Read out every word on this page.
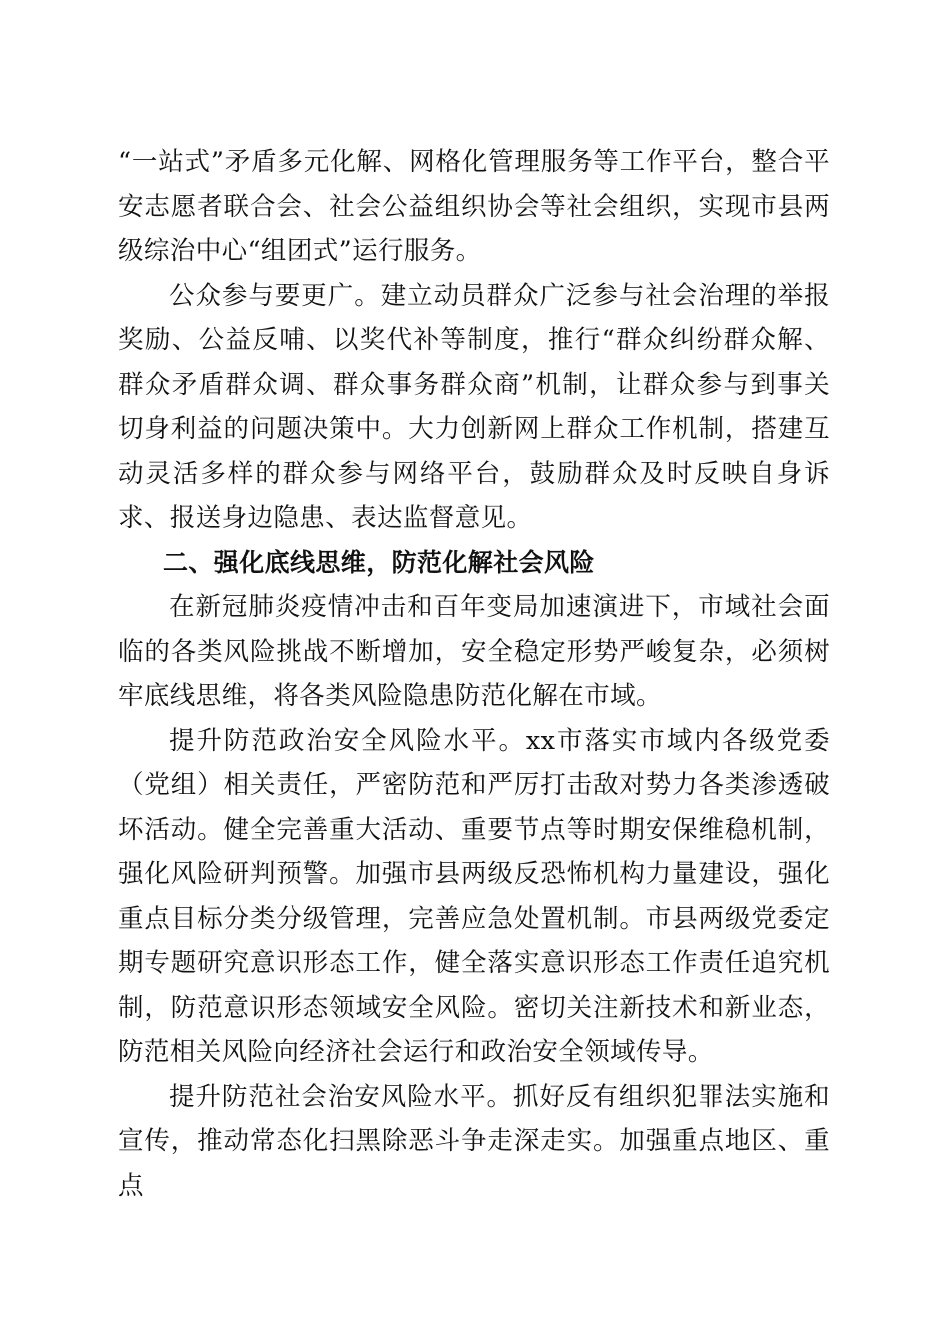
“一站式”矛盾多元化解、网格化管理服务等工作平台，整合平安志愿者联合会、社会公益组织协会等社会组织，实现市县两级综治中心“组团式”运行服务。

公众参与要更广。建立动员群众广泛参与社会治理的举报奖励、公益反哺、以奖代补等制度，推行“群众纠纷群众解、群众矛盾群众调、群众事务群众商”机制，让群众参与到事关切身利益的问题决策中。大力创新网上群众工作机制，搭建互动灵活多样的群众参与网络平台，鼓励群众及时反映自身诉求、报送身边隐患、表达监督意见。

二、强化底线思维，防范化解社会风险

在新冠肺炎疫情冲击和百年变局加速演进下，市域社会面临的各类风险挑战不断增加，安全稳定形势严峻复杂，必须树牢底线思维，将各类风险隐患防范化解在市域。

提升防范政治安全风险水平。xx市落实市域内各级党委（党组）相关责任，严密防范和严厉打击敌对势力各类渗透破坏活动。健全完善重大活动、重要节点等时期安保维稳机制，强化风险研判预警。加强市县两级反恐怖机构力量建设，强化重点目标分类分级管理，完善应急处置机制。市县两级党委定期专题研究意识形态工作，健全落实意识形态工作责任追究机制，防范意识形态领域安全风险。密切关注新技术和新业态，防范相关风险向经济社会运行和政治安全领域传导。

提升防范社会治安风险水平。抓好反有组织犯罪法实施和宣传，推动常态化扫黑除恶斗争走深走实。加强重点地区、重点
